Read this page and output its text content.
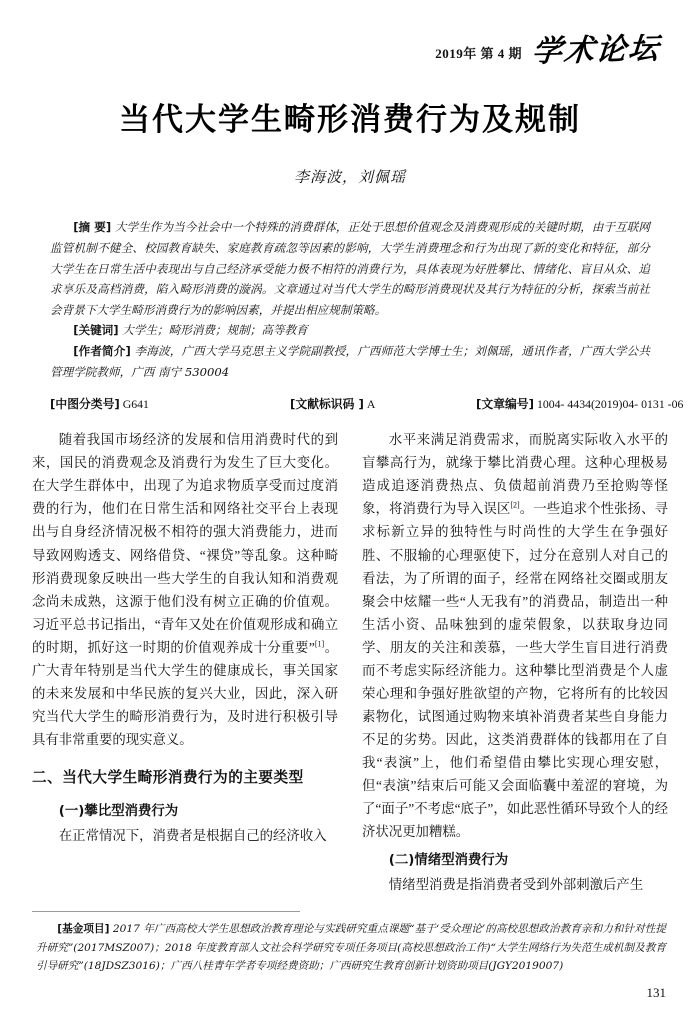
2019年 第 4 期 学术论坛
当代大学生畸形消费行为及规制
李海波，刘佩瑶

[摘 要] 大学生作为当今社会中一个特殊的消费群体，正处于思想价值观念及消费观形成的关键时期，由于互联网监管机制不健全、校园教育缺失、家庭教育疏忽等因素的影响，大学生消费理念和行为出现了新的变化和特征，部分大学生在日常生活中表现出与自己经济承受能力极不相符的消费行为，具体表现为好胜攀比、情绪化、盲目从众、追求享乐及高档消费，陷入畸形消费的漩涡。文章通过对当代大学生的畸形消费现状及其行为特征的分析，探索当前社会背景下大学生畸形消费行为的影响因素，并提出相应规制策略。

[关键词] 大学生；畸形消费；规制；高等教育

[作者简介] 李海波，广西大学马克思主义学院副教授，广西师范大学博士生；刘佩瑶，通讯作者，广西大学公共管理学院教师，广西 南宁 530004

[中图分类号] G641	[文献标识码 ] A	[文章编号] 1004- 4434(2019)04- 0131 -06

随着我国市场经济的发展和信用消费时代的到来，国民的消费观念及消费行为发生了巨大变化。在大学生群体中，出现了为追求物质享受而过度消费的行为，他们在日常生活和网络社交平台上表现出与自身经济情况极不相符的强大消费能力，进而导致网购透支、网络借贷、“裸贷”等乱象。这种畸形消费现象反映出一些大学生的自我认知和消费观念尚未成熟，这源于他们没有树立正确的价值观。习近平总书记指出，“青年又处在价值观形成和确立的时期，抓好这一时期的价值观养成十分重要”[1]。广大青年特别是当代大学生的健康成长，事关国家的未来发展和中华民族的复兴大业，因此，深入研究当代大学生的畸形消费行为，及时进行积极引导具有非常重要的现实意义。

二、当代大学生畸形消费行为的主要类型

(一)攀比型消费行为

在正常情况下，消费者是根据自己的经济收入

水平来满足消费需求，而脱离实际收入水平的盲攀高行为，就缘于攀比消费心理。这种心理极易造成追逐消费热点、负债超前消费乃至抢购等怪象，将消费行为导入误区[2]。一些追求个性张扬、寻求标新立异的独特性与时尚性的大学生在争强好胜、不服输的心理驱使下，过分在意别人对自己的看法，为了所谓的面子，经常在网络社交圈或朋友聚会中炫耀一些“人无我有”的消费品，制造出一种生活小资、品味独到的虚荣假象，以获取身边同学、朋友的关注和羡慕，一些大学生盲目进行消费而不考虑实际经济能力。这种攀比型消费是个人虚荣心理和争强好胜欲望的产物，它将所有的比较因素物化，试图通过购物来填补消费者某些自身能力不足的劣势。因此，这类消费群体的钱都用在了自我“表演”上，他们希望借由攀比实现心理安慰，但“表演”结束后可能又会面临囊中羞涩的窘境，为了“面子”不考虑“底子”，如此恶性循环导致个人的经济状况更加糟糕。

(二)情绪型消费行为

情绪型消费是指消费者受到外部刺激后产生

[基金项目] 2017 年广西高校大学生思想政治教育理论与实践研究重点课题“基于‘受众理论’的高校思想政治教育亲和力和针对性提升研究”(2017MSZ007)；2018 年度教育部人文社会科学研究专项任务项目(高校思想政治工作)“大学生网络行为失范生成机制及教育引导研究”(18JDSZ3016)；广西八桂青年学者专项经费资助；广西研究生教育创新计划资助项目(JGY2019007)
131
